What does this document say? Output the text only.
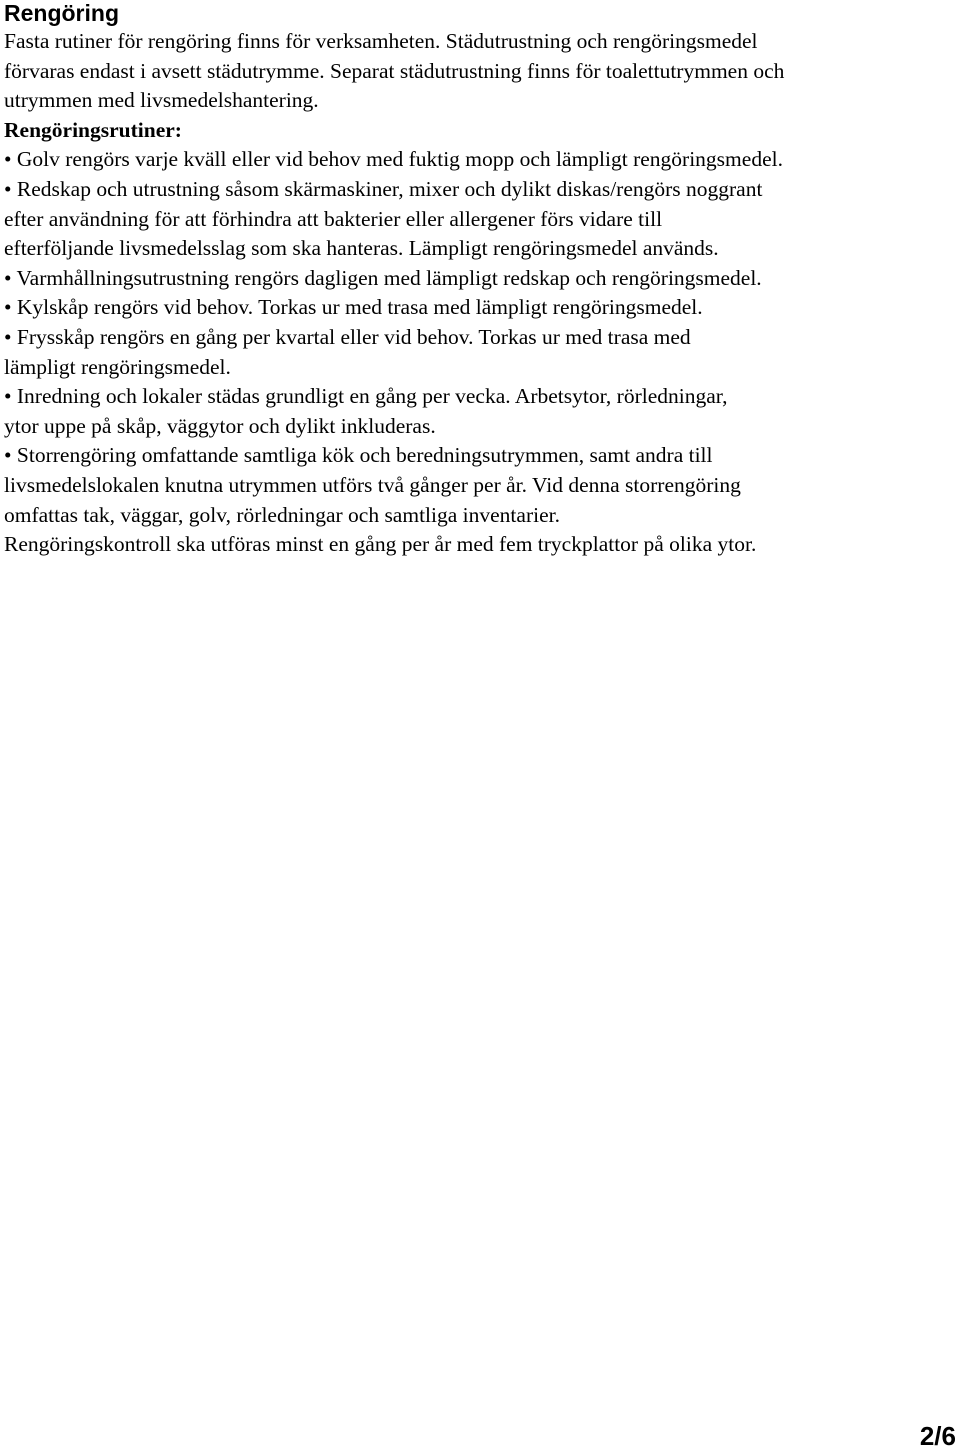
Rengöring

Fasta rutiner för rengöring finns för verksamheten. Städutrustning och rengöringsmedel

förvaras endast i avsett städutrymme. Separat städutrustning finns för toalettutrymmen och

utrymmen med livsmedelshantering.

Rengöringsrutiner:

• Golv rengörs varje kväll eller vid behov med fuktig mopp och lämpligt rengöringsmedel.

• Redskap och utrustning såsom skärmaskiner, mixer och dylikt diskas/rengörs noggrant

efter användning för att förhindra att bakterier eller allergener förs vidare till

efterföljande livsmedelsslag som ska hanteras. Lämpligt rengöringsmedel används.

• Varmhållningsutrustning rengörs dagligen med lämpligt redskap och rengöringsmedel.

• Kylskåp rengörs vid behov. Torkas ur med trasa med lämpligt rengöringsmedel.

• Frysskåp rengörs en gång per kvartal eller vid behov. Torkas ur med trasa med

lämpligt rengöringsmedel.

• Inredning och lokaler städas grundligt en gång per vecka. Arbetsytor, rörledningar,

ytor uppe på skåp, väggytor och dylikt inkluderas.

• Storrengöring omfattande samtliga kök och beredningsutrymmen, samt andra till

livsmedelslokalen knutna utrymmen utförs två gånger per år. Vid denna storrengöring

omfattas tak, väggar, golv, rörledningar och samtliga inventarier.

Rengöringskontroll ska utföras minst en gång per år med fem tryckplattor på olika ytor.

2/6
